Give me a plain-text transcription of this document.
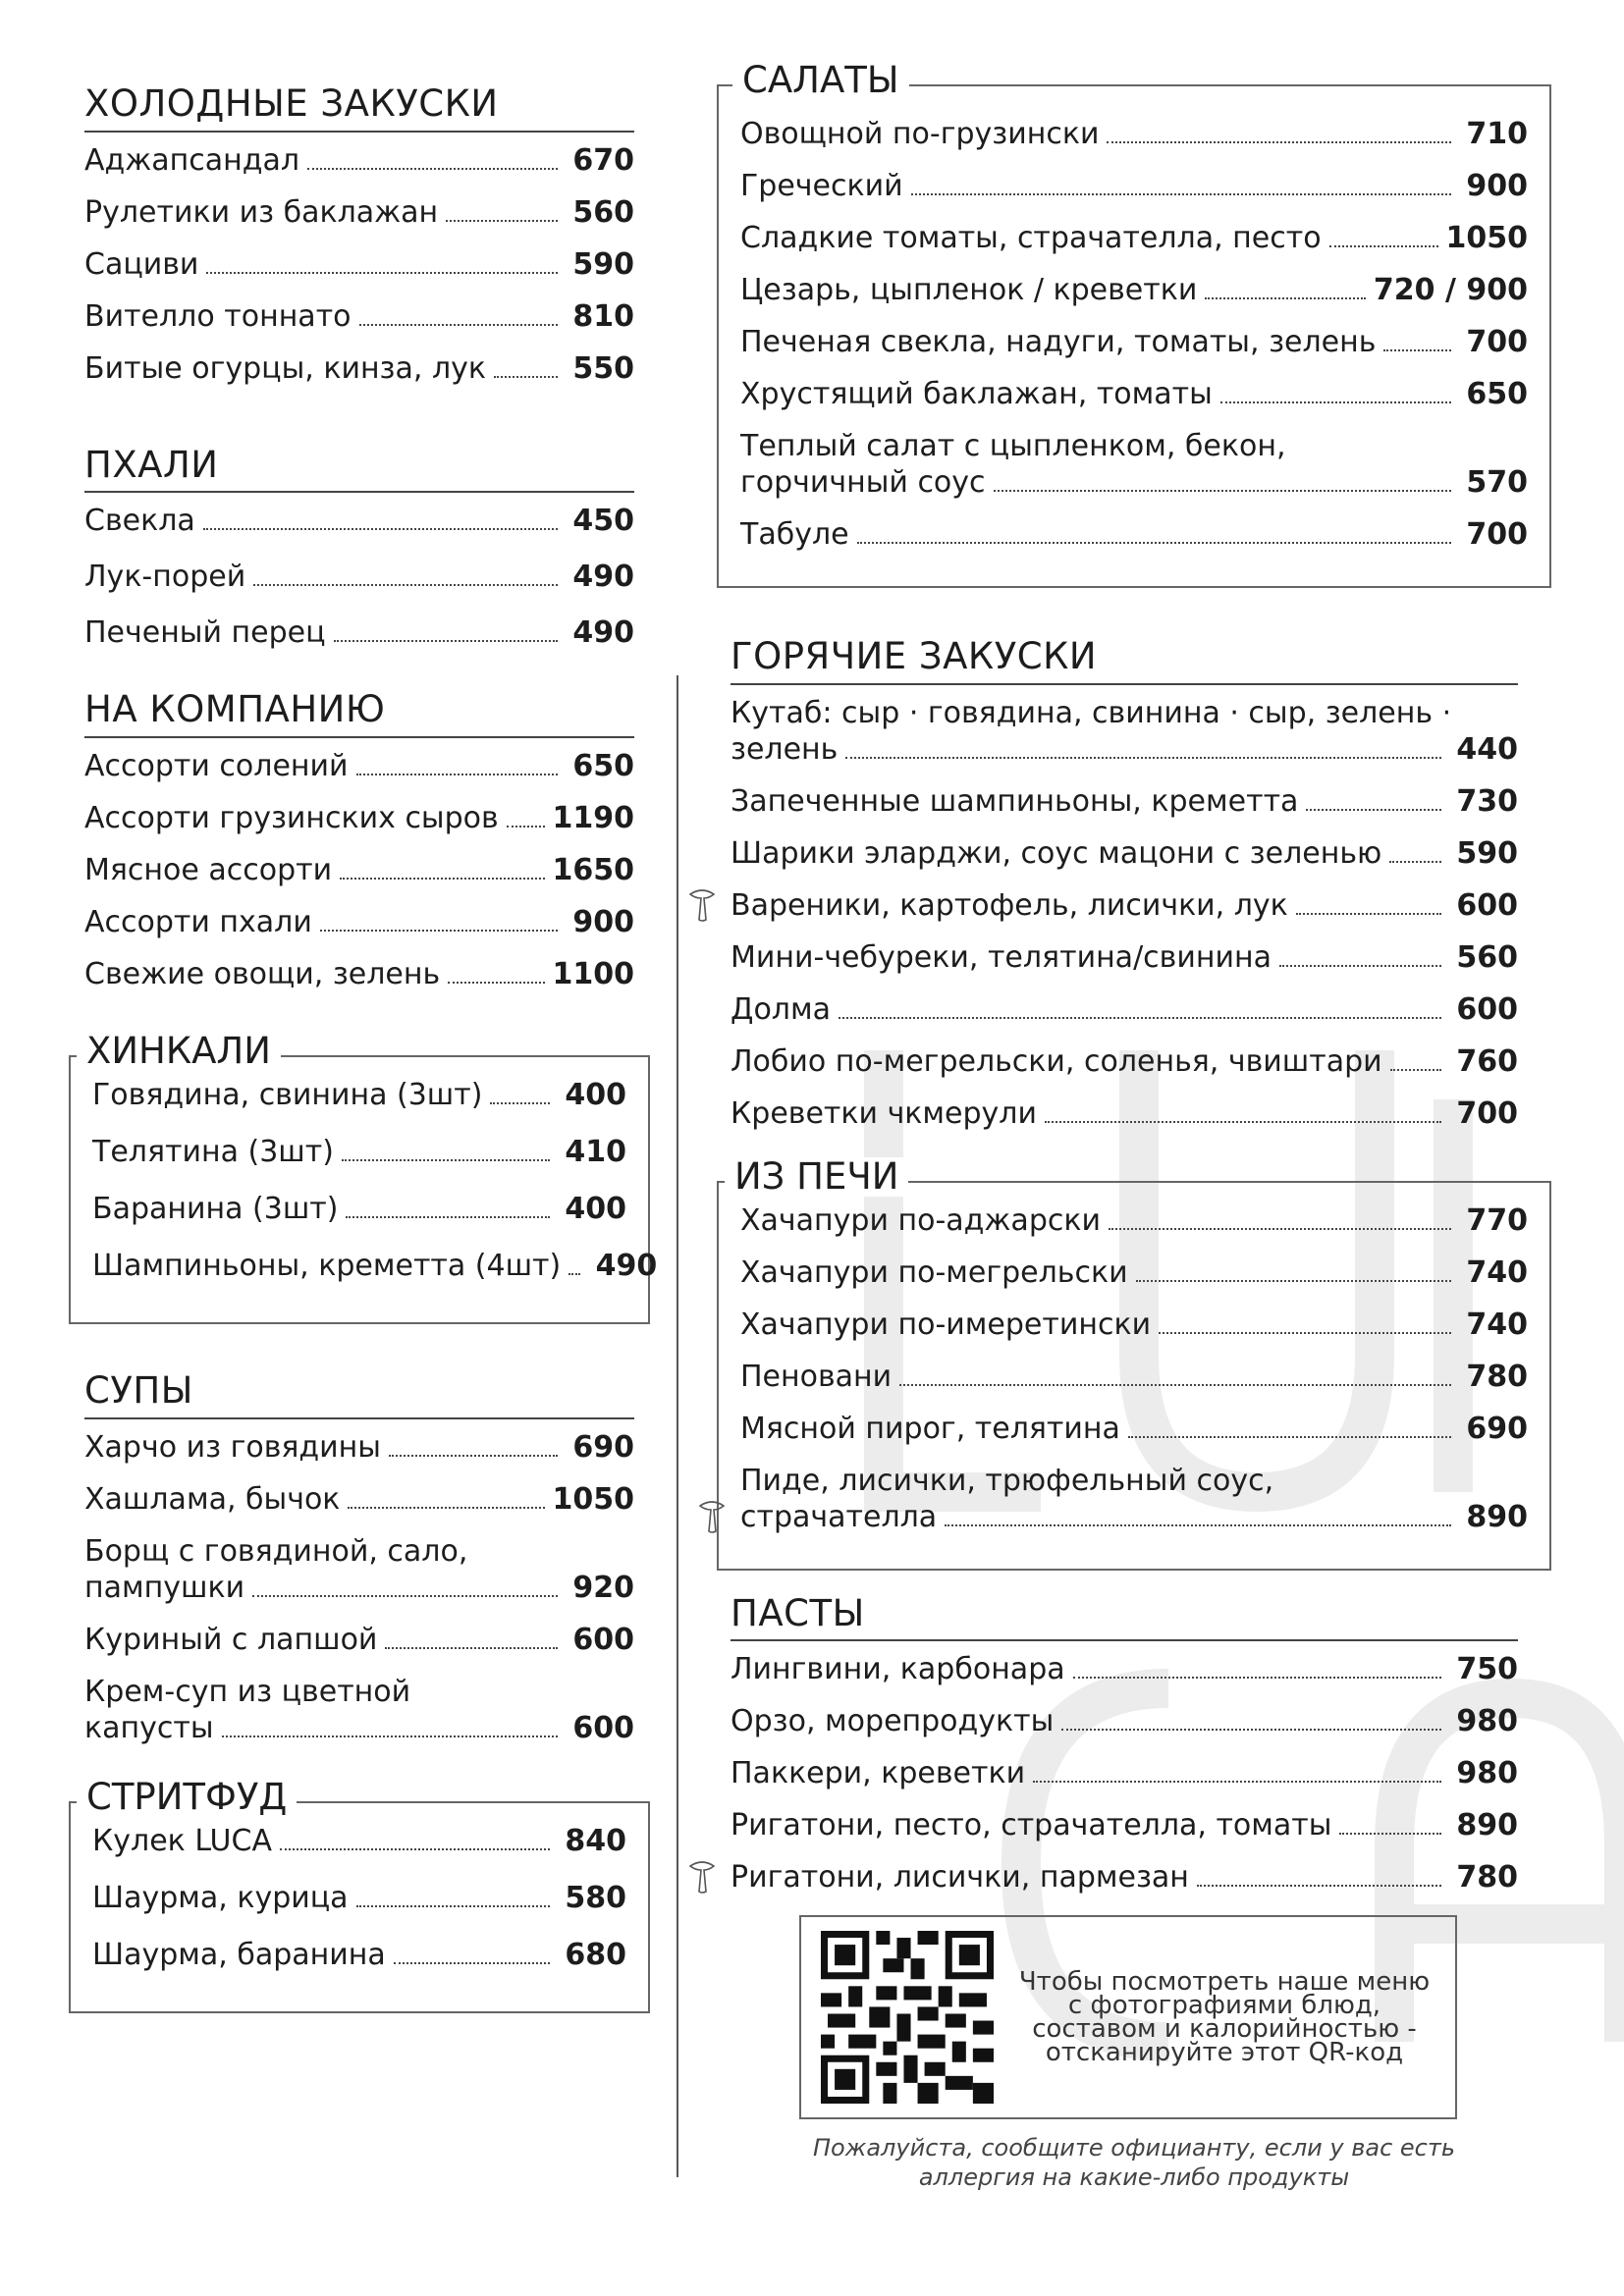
ХОЛОДНЫЕ ЗАКУСКИ
Аджапсандал	670
Рулетики из баклажан	560
Сациви	590
Вителло тоннато	810
Битые огурцы, кинза, лук	550
ПХАЛИ
Свекла	450
Лук-порей	490
Печеный перец	490
НА КОМПАНИЮ
Ассорти солений	650
Ассорти грузинских сыров 1190
Мясное ассорти	1650
Ассорти пхали	900
Свежие овощи, зелень	1100
ХИНКАЛИ
Говядина, свинина (3шт)	400
Телятина (3шт)	410
Баранина (3шт)	400
Шампиньоны, креметта (4шт) 490
СУПЫ
Харчо из говядины	690
Хашлама, бычок	1050
Борщ с говядиной, сало,
пампушки	920
Куриный с лапшой	600
Крем-суп из цветной
капусты	600
СТРИТФУД
Кулек LUCA	840
Шаурма, курица	580
Шаурма, баранина	680
САЛАТЫ
Овощной по-грузински	710
Греческий	900
Сладкие томаты, страчателла, песто	1050
Цезарь, цыпленок / креветки	720 / 900
Печеная свекла, надуги, томаты, зелень	700
Хрустящий баклажан, томаты	650
Теплый салат с цыпленком, бекон,
горчичный соус	570
Табуле	700
ГОРЯЧИЕ ЗАКУСКИ
Кутаб: сыр · говядина, свинина · сыр, зелень ·
зелень	440
Запеченные шампиньоны, креметта	730
Шарики эларджи, соус мацони с зеленью	590
Вареники, картофель, лисички, лук	600
Мини-чебуреки, телятина/свинина	560
Долма	600
Лобио по-мегрельски, соленья, чвиштари	760
Креветки чкмерули	700
ИЗ ПЕЧИ
Хачапури по-аджарски	770
Хачапури по-мегрельски	740
Хачапури по-имеретински	740
Пеновани	780
Мясной пирог, телятина	690
Пиде, лисички, трюфельный соус,
страчателла	890
ПАСТЫ
Лингвини, карбонара	750
Орзо, морепродукты	980
Паккери, креветки	980
Ригатони, песто, страчателла, томаты	890
Ригатони, лисички, пармезан	780
Чтобы посмотреть наше меню с фотографиями блюд, составом и калорийностью - отсканируйте этот QR-код
Пожалуйста, сообщите официанту, если у вас есть аллергия на какие-либо продукты
